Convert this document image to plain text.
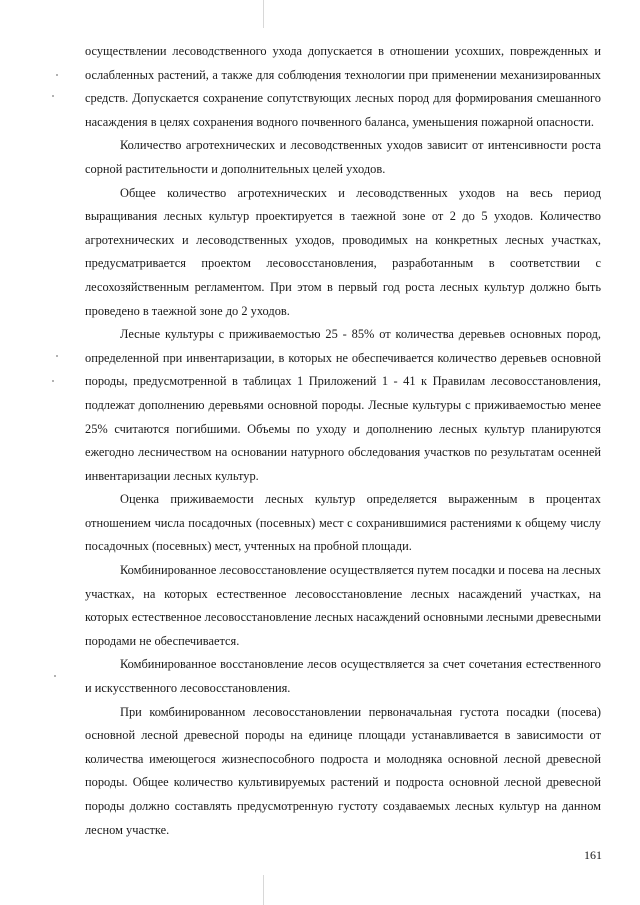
осуществлении лесоводственного ухода допускается в отношении усохших, поврежденных и ослабленных растений, а также для соблюдения технологии при применении механизированных средств. Допускается сохранение сопутствующих лесных пород для формирования смешанного насаждения в целях сохранения водного почвенного баланса, уменьшения пожарной опасности.

Количество агротехнических и лесоводственных уходов зависит от интенсивности роста сорной растительности и дополнительных целей уходов.

Общее количество агротехнических и лесоводственных уходов на весь период выращивания лесных культур проектируется в таежной зоне от 2 до 5 уходов. Количество агротехнических и лесоводственных уходов, проводимых на конкретных лесных участках, предусматривается проектом лесовосстановления, разработанным в соответствии с лесохозяйственным регламентом. При этом в первый год роста лесных культур должно быть проведено в таежной зоне до 2 уходов.

Лесные культуры с приживаемостью 25 - 85% от количества деревьев основных пород, определенной при инвентаризации, в которых не обеспечивается количество деревьев основной породы, предусмотренной в таблицах 1 Приложений 1 - 41 к Правилам лесовосстановления, подлежат дополнению деревьями основной породы. Лесные культуры с приживаемостью менее 25% считаются погибшими. Объемы по уходу и дополнению лесных культур планируются ежегодно лесничеством на основании натурного обследования участков по результатам осенней инвентаризации лесных культур.

Оценка приживаемости лесных культур определяется выраженным в процентах отношением числа посадочных (посевных) мест с сохранившимися растениями к общему числу посадочных (посевных) мест, учтенных на пробной площади.

Комбинированное лесовосстановление осуществляется путем посадки и посева на лесных участках, на которых естественное лесовосстановление лесных насаждений участках, на которых естественное лесовосстановление лесных насаждений основными лесными древесными породами не обеспечивается.

Комбинированное восстановление лесов осуществляется за счет сочетания естественного и искусственного лесовосстановления.

При комбинированном лесовосстановлении первоначальная густота посадки (посева) основной лесной древесной породы на единице площади устанавливается в зависимости от количества имеющегося жизнеспособного подроста и молодняка основной лесной древесной породы. Общее количество культивируемых растений и подроста основной лесной древесной породы должно составлять предусмотренную густоту создаваемых лесных культур на данном лесном участке.

161
